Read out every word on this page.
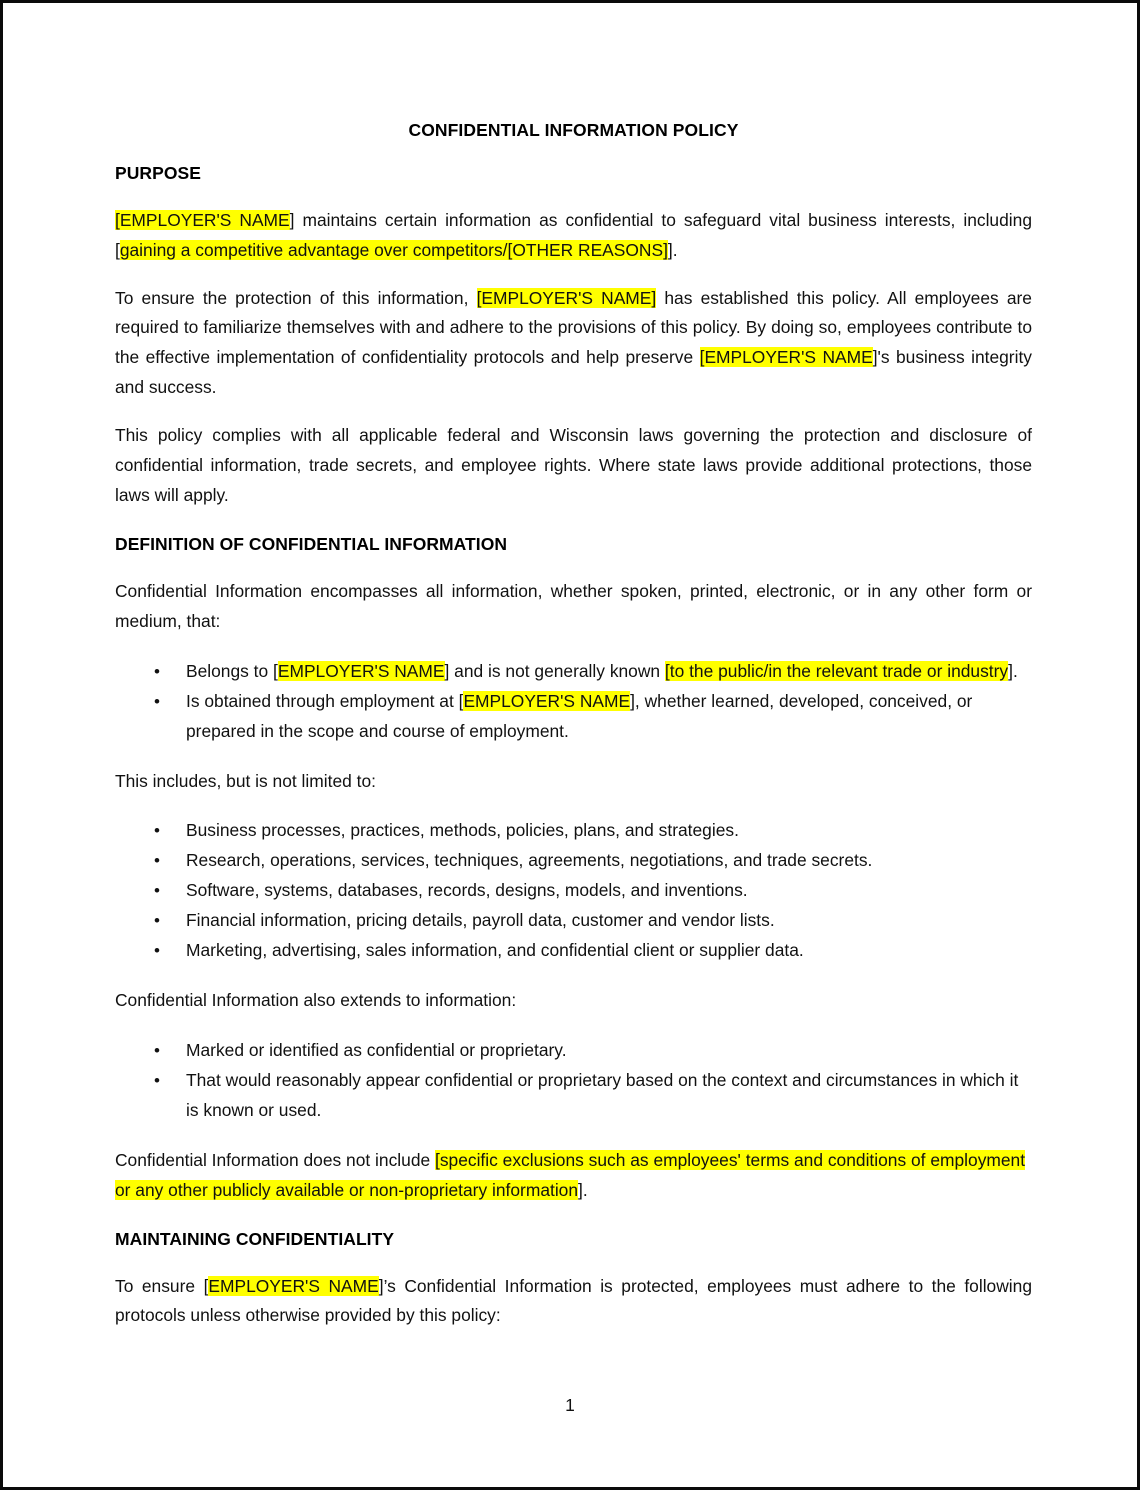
CONFIDENTIAL INFORMATION POLICY
PURPOSE

[EMPLOYER'S NAME] maintains certain information as confidential to safeguard vital business interests, including [gaining a competitive advantage over competitors/[OTHER REASONS]].

To ensure the protection of this information, [EMPLOYER'S NAME] has established this policy. All employees are required to familiarize themselves with and adhere to the provisions of this policy. By doing so, employees contribute to the effective implementation of confidentiality protocols and help preserve [EMPLOYER'S NAME]'s business integrity and success.

This policy complies with all applicable federal and Wisconsin laws governing the protection and disclosure of confidential information, trade secrets, and employee rights. Where state laws provide additional protections, those laws will apply.

DEFINITION OF CONFIDENTIAL INFORMATION

Confidential Information encompasses all information, whether spoken, printed, electronic, or in any other form or medium, that:

• Belongs to [EMPLOYER'S NAME] and is not generally known [to the public/in the relevant trade or industry].
• Is obtained through employment at [EMPLOYER'S NAME], whether learned, developed, conceived, or prepared in the scope and course of employment.

This includes, but is not limited to:

• Business processes, practices, methods, policies, plans, and strategies.
• Research, operations, services, techniques, agreements, negotiations, and trade secrets.
• Software, systems, databases, records, designs, models, and inventions.
• Financial information, pricing details, payroll data, customer and vendor lists.
• Marketing, advertising, sales information, and confidential client or supplier data.

Confidential Information also extends to information:

• Marked or identified as confidential or proprietary.
• That would reasonably appear confidential or proprietary based on the context and circumstances in which it is known or used.

Confidential Information does not include [specific exclusions such as employees' terms and conditions of employment or any other publicly available or non-proprietary information].

MAINTAINING CONFIDENTIALITY

To ensure [EMPLOYER'S NAME]’s Confidential Information is protected, employees must adhere to the following protocols unless otherwise provided by this policy:

1
